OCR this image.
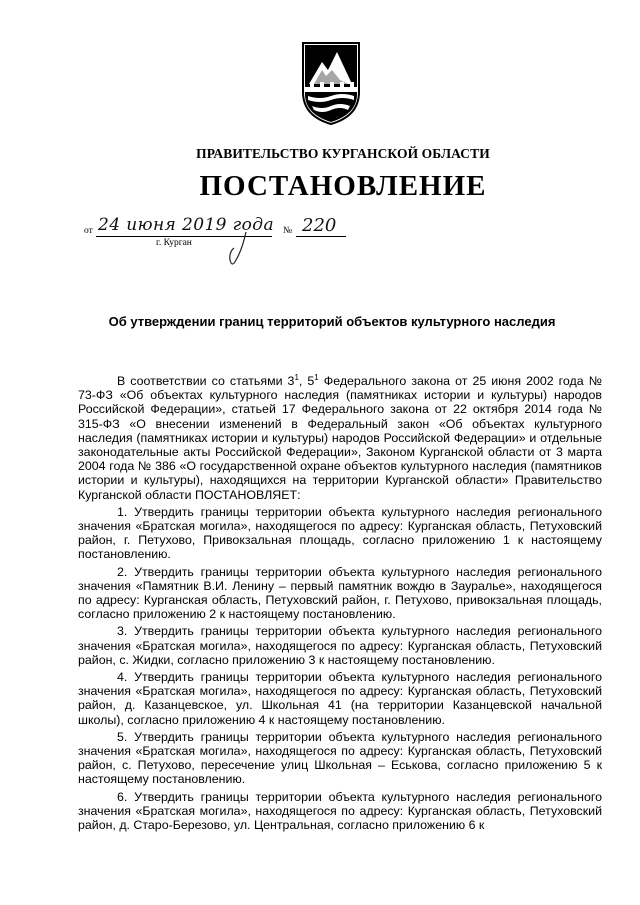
ПРАВИТЕЛЬСТВО КУРГАНСКОЙ ОБЛАСТИ
ПОСТАНОВЛЕНИЕ
от 24 июня 2019 года № 220
г. Курган
Об утверждении границ территорий объектов культурного наследия

В соответствии со статьями $3^1$, $5^1$ Федерального закона от 25 июня 2002 года № 73-ФЗ «Об объектах культурного наследия (памятниках истории и культуры) народов Российской Федерации», статьей 17 Федерального закона от 22 октября 2014 года № 315-ФЗ «О внесении изменений в Федеральный закон «Об объектах культурного наследия (памятниках истории и культуры) народов Российской Федерации» и отдельные законодательные акты Российской Федерации», Законом Курганской области от 3 марта 2004 года № 386 «О государственной охране объектов культурного наследия (памятников истории и культуры), находящихся на территории Курганской области» Правительство Курганской области ПОСТАНОВЛЯЕТ:

1. Утвердить границы территории объекта культурного наследия регионального значения «Братская могила», находящегося по адресу: Курганская область, Петуховский район, г. Петухово, Привокзальная площадь, согласно приложению 1 к настоящему постановлению.

2. Утвердить границы территории объекта культурного наследия регионального значения «Памятник В.И. Ленину – первый памятник вождю в Зауралье», находящегося по адресу: Курганская область, Петуховский район, г. Петухово, привокзальная площадь, согласно приложению 2 к настоящему постановлению.

3. Утвердить границы территории объекта культурного наследия регионального значения «Братская могила», находящегося по адресу: Курганская область, Петуховский район, с. Жидки, согласно приложению 3 к настоящему постановлению.

4. Утвердить границы территории объекта культурного наследия регионального значения «Братская могила», находящегося по адресу: Курганская область, Петуховский район, д. Казанцевское, ул. Школьная 41 (на территории Казанцевской начальной школы), согласно приложению 4 к настоящему постановлению.

5. Утвердить границы территории объекта культурного наследия регионального значения «Братская могила», находящегося по адресу: Курганская область, Петуховский район, с. Петухово, пересечение улиц Школьная – Еськова, согласно приложению 5 к настоящему постановлению.

6. Утвердить границы территории объекта культурного наследия регионального значения «Братская могила», находящегося по адресу: Курганская область, Петуховский район, д. Старо-Березово, ул. Центральная, согласно приложению 6 к
